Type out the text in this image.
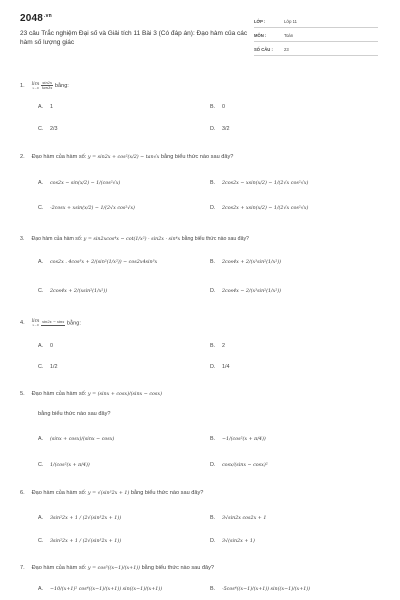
$2048^{.vn}$
23 câu Trắc nghiệm Đại số và Giải tích 11 Bài 3 (Có đáp án): Đạo hàm của các hàm số lượng giác
LỚP :	Lớp 11
MÔN :	Toán
SỐ CÂU :	23
1. lim
x→0
$\frac{\sin 2x}{\tan 3x}$ bằng:
A. 1	B. 0
C. 2/3	D. 3/2
2. Đạo hàm của hàm số: y = sin2x + cos²(x/2) − tan√x bằng biểu thức nào sau đây?
A. cos2x − sin(x/2) − 1/(cos²√x)	B. 2cos2x − xsin(x/2) − 1/(2√x cos²√x)
C. -2cosx + xsin(x/2) − 1/(2√x cos²√x)	D. 2cos2x + xsin(x/2) − 1/(2√x cos²√x)
3. Đạo hàm của hàm số: y = sin2xcos⁴x − cot(1/x²) · sin2x · sin⁴x bằng biểu thức nào sau đây?
A. cos2x . 4cos³x + 2/(sin²(1/x²)) − cos2x4sin³x	B. 2cos4x + 2/(x³sin²(1/x²))
C. 2cos4x + 2/(xsin²(1/x²))	D. 2cos4x − 2/(x³sin²(1/x²))
4. lim
x→0

sin2x − sinx bằng:
A. 0	B. 2
C. 1/2	D. 1/4
5. Đạo hàm của hàm số: y = (sinx + cosx)/(sinx − cosx)
bằng biểu thức nào sau đây?
A. (sinx + cosx)/(sinx − cosx)	B. −1/(cos²(x + π/4))
C. 1/(cos²(x + π/4))	D. cosx/(sinx − cosx)²
6. Đạo hàm của hàm số: y = √(sin³2x + 1) bằng biểu thức nào sau đây?
A. 3sin²2x + 1 / (2√(sin³2x + 1))	B. 3√sin2x cos2x + 1
C. 3sin²2x + 1 / (2√(sin³2x + 1))	D. 3√(sin2x + 1)
7. Đạo hàm của hàm số: y = cos⁵((x−1)/(x+1)) bằng biểu thức nào sau đây?
A. −10/(x+1)² cos⁴((x−1)/(x+1)) sin((x−1)/(x+1))	B. -5cos⁴((x−1)/(x+1)) sin((x−1)/(x+1))
